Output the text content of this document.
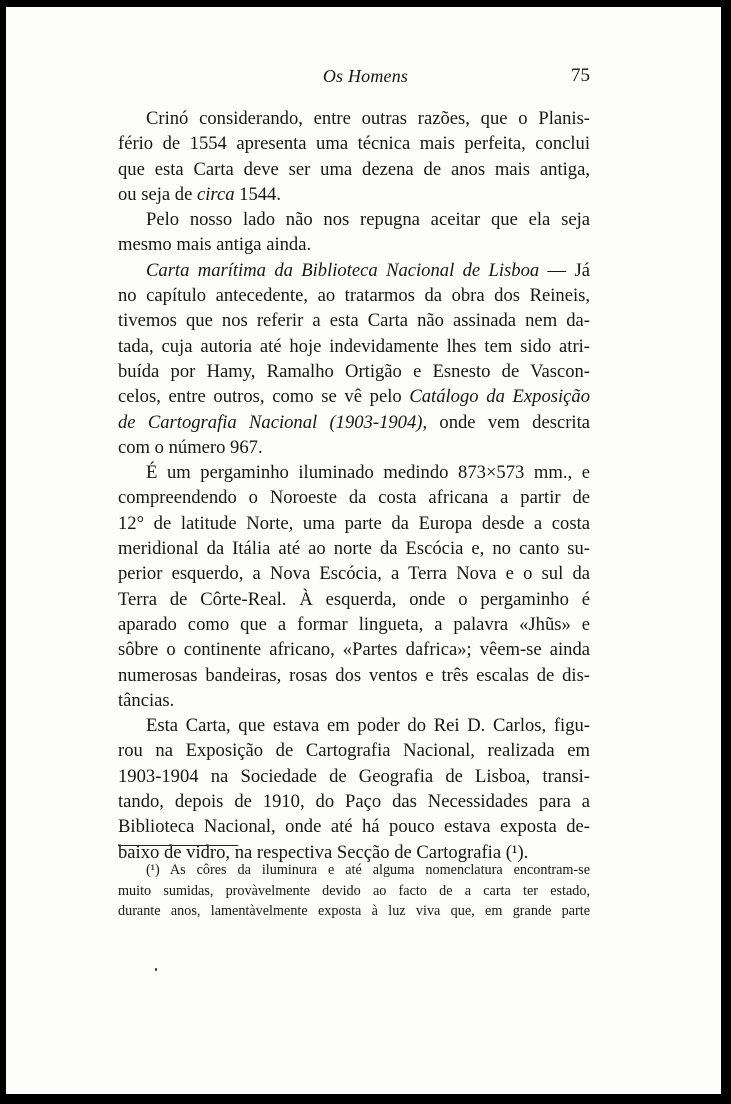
Os Homens	75
Crinó considerando, entre outras razões, que o Planis-
fério de 1554 apresenta uma técnica mais perfeita, conclui
que esta Carta deve ser uma dezena de anos mais antiga,
ou seja de circa 1544.
Pelo nosso lado não nos repugna aceitar que ela seja
mesmo mais antiga ainda.
Carta marítima da Biblioteca Nacional de Lisboa — Já
no capítulo antecedente, ao tratarmos da obra dos Reineis,
tivemos que nos referir a esta Carta não assinada nem da-
tada, cuja autoria até hoje indevidamente lhes tem sido atri-
buída por Hamy, Ramalho Ortigão e Esnesto de Vascon-
celos, entre outros, como se vê pelo Catálogo da Exposição
de Cartografia Nacional (1903-1904), onde vem descrita
com o número 967.
É um pergaminho iluminado medindo 873×573 mm., e
compreendendo o Noroeste da costa africana a partir de
12° de latitude Norte, uma parte da Europa desde a costa
meridional da Itália até ao norte da Escócia e, no canto su-
perior esquerdo, a Nova Escócia, a Terra Nova e o sul da
Terra de Côrte-Real. À esquerda, onde o pergaminho é
aparado como que a formar lingueta, a palavra «Jhũs» e
sôbre o continente africano, «Partes dafrica»; vêem-se ainda
numerosas bandeiras, rosas dos ventos e três escalas de dis-
tâncias.
Esta Carta, que estava em poder do Rei D. Carlos, figu-
rou na Exposição de Cartografia Nacional, realizada em
1903-1904 na Sociedade de Geografia de Lisboa, transi-
tando, depois de 1910, do Paço das Necessidades para a
Biblioteca Nacional, onde até há pouco estava exposta de-
baixo de vidro, na respectiva Secção de Cartografia (¹).
(¹) As côres da iluminura e até alguma nomenclatura encontram-se
muito sumidas, provàvelmente devido ao facto de a carta ter estado,
durante anos, lamentàvelmente exposta à luz viva que, em grande parte
